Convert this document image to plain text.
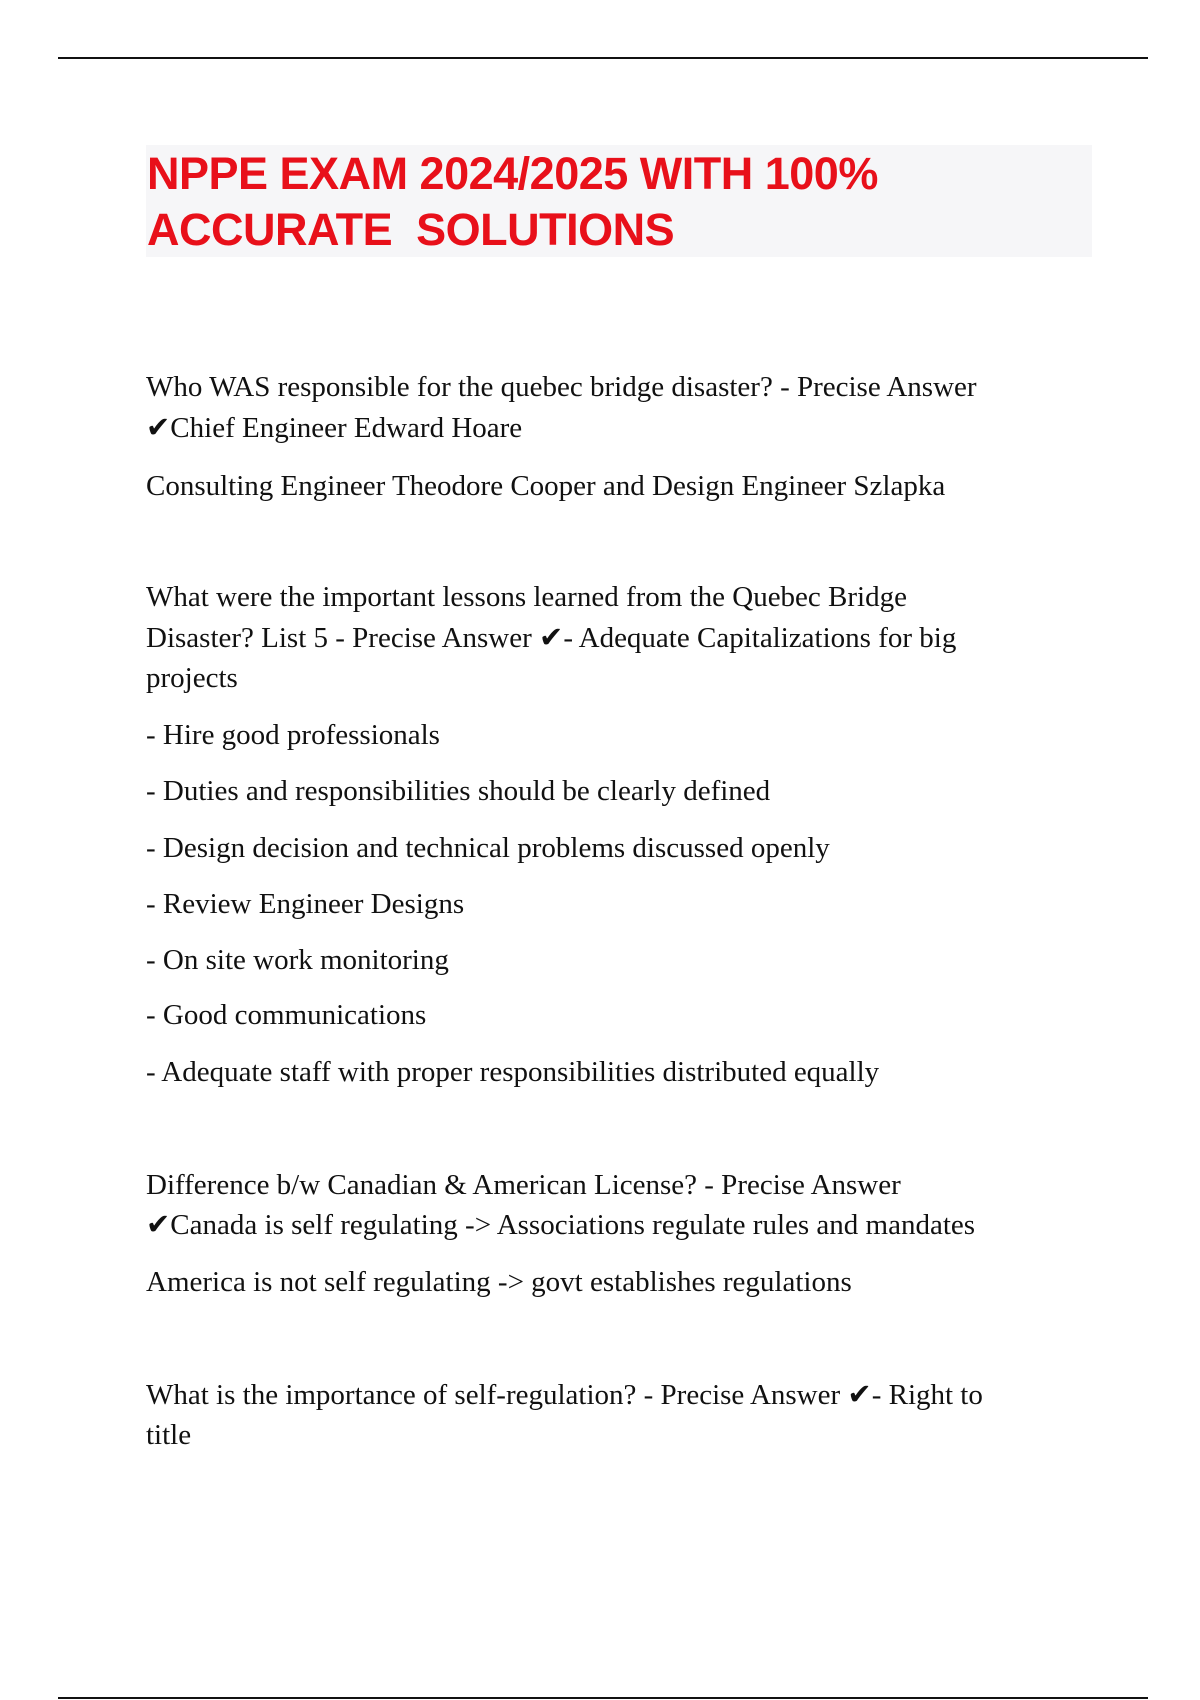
NPPE EXAM 2024/2025 WITH 100%
ACCURATE  SOLUTIONS
Who WAS responsible for the quebec bridge disaster? - Precise Answer
✔Chief Engineer Edward Hoare
Consulting Engineer Theodore Cooper and Design Engineer Szlapka
What were the important lessons learned from the Quebec Bridge
Disaster? List 5 - Precise Answer ✔- Adequate Capitalizations for big
projects
- Hire good professionals
- Duties and responsibilities should be clearly defined
- Design decision and technical problems discussed openly
- Review Engineer Designs
- On site work monitoring
- Good communications
- Adequate staff with proper responsibilities distributed equally
Difference b/w Canadian & American License? - Precise Answer
✔Canada is self regulating -> Associations regulate rules and mandates
America is not self regulating -> govt establishes regulations
What is the importance of self-regulation? - Precise Answer ✔- Right to
title
